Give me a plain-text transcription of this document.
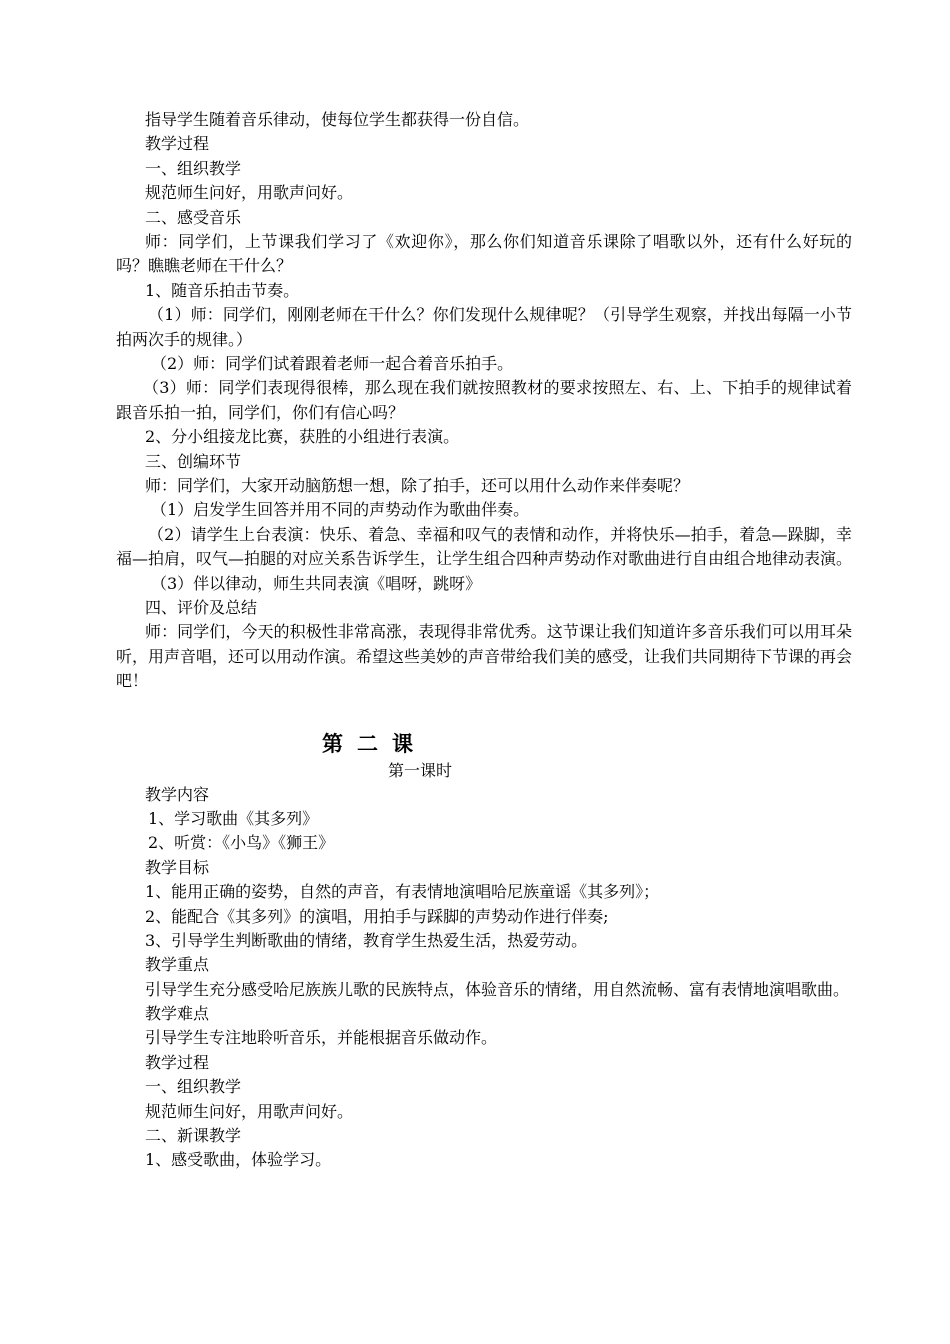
指导学生随着音乐律动，使每位学生都获得一份自信。
教学过程
一、组织教学
规范师生问好，用歌声问好。
二、感受音乐
师：同学们，上节课我们学习了《欢迎你》，那么你们知道音乐课除了唱歌以外，还有什么好玩的吗？瞧瞧老师在干什么？
1、随音乐拍击节奏。
（1）师：同学们，刚刚老师在干什么？你们发现什么规律呢？（引导学生观察，并找出每隔一小节拍两次手的规律。）
（2）师：同学们试着跟着老师一起合着音乐拍手。
（3）师：同学们表现得很棒，那么现在我们就按照教材的要求按照左、右、上、下拍手的规律试着跟音乐拍一拍，同学们，你们有信心吗？
2、分小组接龙比赛，获胜的小组进行表演。
三、创编环节
师：同学们，大家开动脑筋想一想，除了拍手，还可以用什么动作来伴奏呢？
（1）启发学生回答并用不同的声势动作为歌曲伴奏。
（2）请学生上台表演：快乐、着急、幸福和叹气的表情和动作，并将快乐—拍手，着急—跺脚，幸福—拍肩，叹气—拍腿的对应关系告诉学生，让学生组合四种声势动作对歌曲进行自由组合地律动表演。
（3）伴以律动，师生共同表演《唱呀，跳呀》
四、评价及总结
师：同学们，今天的积极性非常高涨，表现得非常优秀。这节课让我们知道许多音乐我们可以用耳朵听，用声音唱，还可以用动作演。希望这些美妙的声音带给我们美的感受，让我们共同期待下节课的再会吧！
第二课
第一课时
教学内容
1、学习歌曲《其多列》
2、听赏：《小鸟》《狮王》
教学目标
1、能用正确的姿势，自然的声音，有表情地演唱哈尼族童谣《其多列》；
2、能配合《其多列》的演唱，用拍手与踩脚的声势动作进行伴奏;
3、引导学生判断歌曲的情绪，教育学生热爱生活，热爱劳动。
教学重点
引导学生充分感受哈尼族族儿歌的民族特点，体验音乐的情绪，用自然流畅、富有表情地演唱歌曲。
教学难点
引导学生专注地聆听音乐，并能根据音乐做动作。
教学过程
一、组织教学
规范师生问好，用歌声问好。
二、新课教学
1、感受歌曲，体验学习。
